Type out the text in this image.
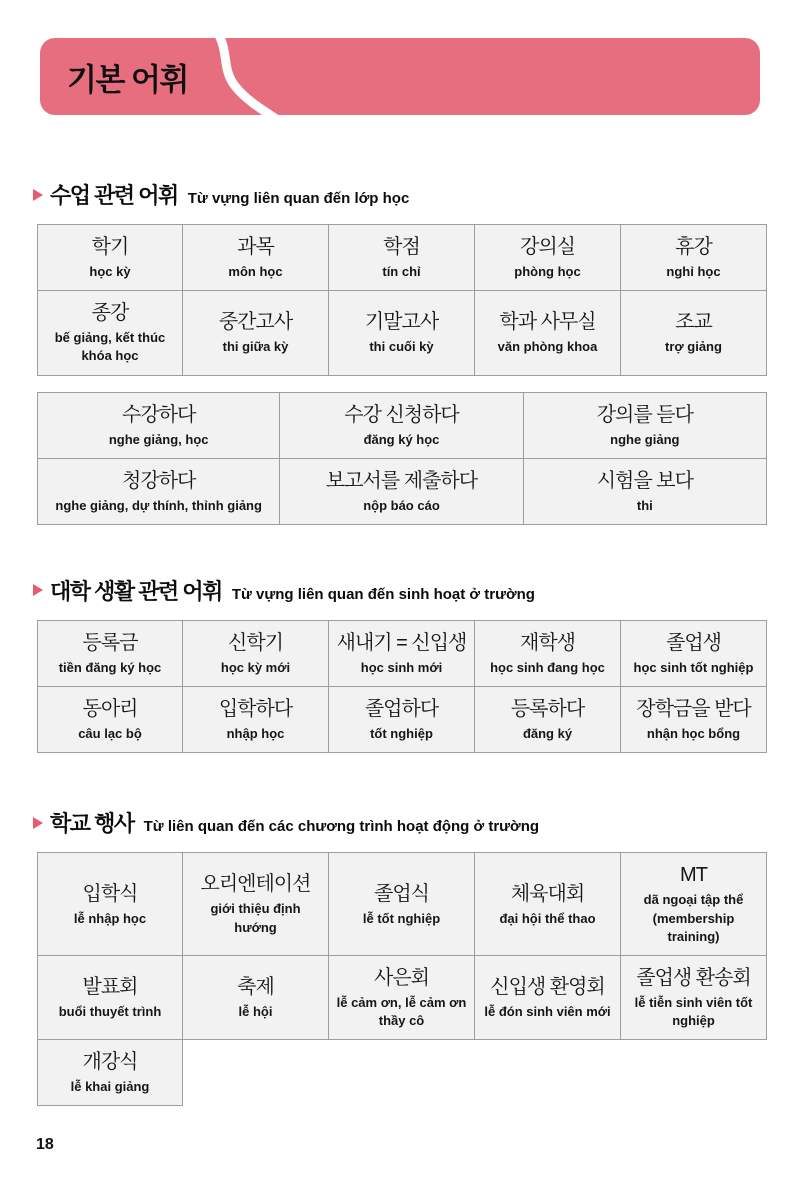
기본 어휘
수업 관련 어휘 Từ vựng liên quan đến lớp học
학기
học kỳ
과목
môn học
학점
tín chỉ
강의실
phòng học
휴강
nghỉ học
종강
bế giảng, kết thúc khóa học
중간고사
thi giữa kỳ
기말고사
thi cuối kỳ
학과 사무실
văn phòng khoa
조교
trợ giảng
수강하다
nghe giảng, học
수강 신청하다
đăng ký học
강의를 듣다
nghe giảng
청강하다
nghe giảng, dự thính, thỉnh giảng
보고서를 제출하다
nộp báo cáo
시험을 보다
thi
대학 생활 관련 어휘 Từ vựng liên quan đến sinh hoạt ở trường
등록금
tiền đăng ký học
신학기
học kỳ mới
새내기 = 신입생
học sinh mới
재학생
học sinh đang học
졸업생
học sinh tốt nghiệp
동아리
câu lạc bộ
입학하다
nhập học
졸업하다
tốt nghiệp
등록하다
đăng ký
장학금을 받다
nhận học bổng
학교 행사 Từ liên quan đến các chương trình hoạt động ở trường
입학식
lễ nhập học
오리엔테이션
giới thiệu định hướng
졸업식
lễ tốt nghiệp
체육대회
đại hội thể thao
MT
dã ngoại tập thể (membership training)
발표회
buổi thuyết trình
축제
lễ hội
사은회
lễ cảm ơn, lễ cảm ơn thầy cô
신입생 환영회
lễ đón sinh viên mới
졸업생 환송회
lễ tiễn sinh viên tốt nghiệp
개강식
lễ khai giảng
18
